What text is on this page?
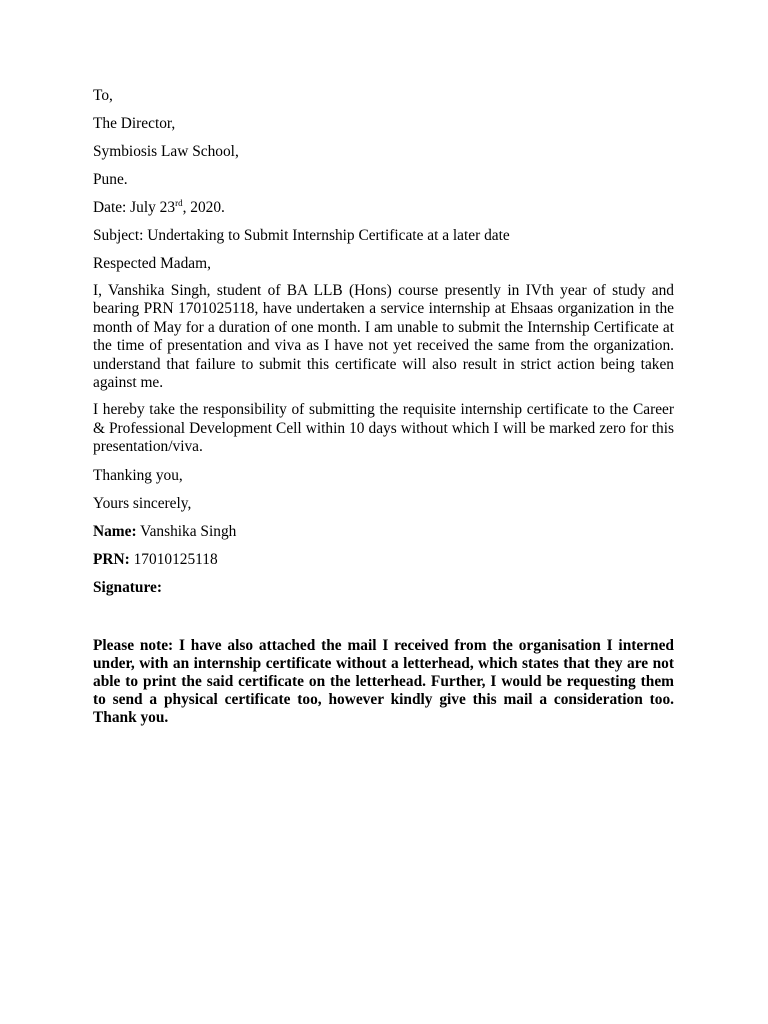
To,
The Director,
Symbiosis Law School,
Pune.
Date: July 23rd, 2020.
Subject: Undertaking to Submit Internship Certificate at a later date
Respected Madam,

I, Vanshika Singh, student of BA LLB (Hons) course presently in IVth year of study and bearing PRN 1701025118, have undertaken a service internship at Ehsaas organization in the month of May for a duration of one month. I am unable to submit the Internship Certificate at the time of presentation and viva as I have not yet received the same from the organization. understand that failure to submit this certificate will also result in strict action being taken against me.

I hereby take the responsibility of submitting the requisite internship certificate to the Career & Professional Development Cell within 10 days without which I will be marked zero for this presentation/viva.

Thanking you,
Yours sincerely,
Name: Vanshika Singh
PRN: 17010125118
Signature:

Please note: I have also attached the mail I received from the organisation I interned under, with an internship certificate without a letterhead, which states that they are not able to print the said certificate on the letterhead. Further, I would be requesting them to send a physical certificate too, however kindly give this mail a consideration too. Thank you.
